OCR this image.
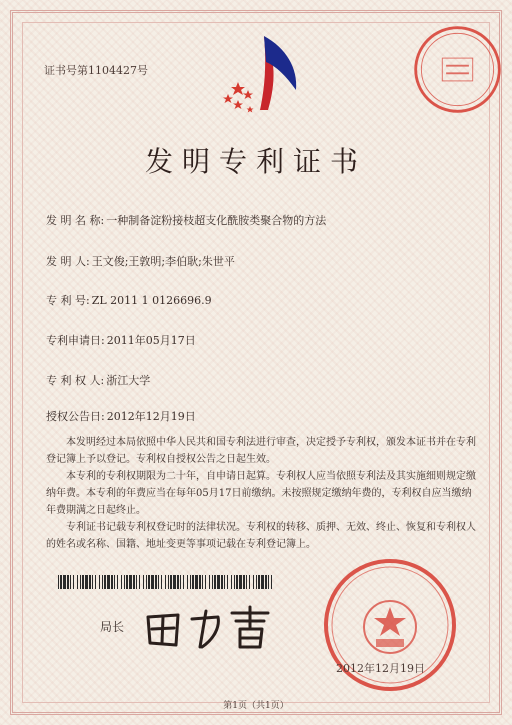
证书号第1104427号
发明专利证书
发 明 名 称: 一种制备淀粉接枝超支化酰胺类聚合物的方法
发 明 人: 王文俊;王敦明;李伯耿;朱世平
专 利 号: ZL 2011 1 0126696.9
专利申请日: 2011年05月17日
专 利 权 人: 浙江大学
授权公告日: 2012年12月19日

本发明经过本局依照中华人民共和国专利法进行审查，决定授予专利权，颁发本证书并在专利登记簿上予以登记。专利权自授权公告之日起生效。

本专利的专利权期限为二十年，自申请日起算。专利权人应当依照专利法及其实施细则规定缴纳年费。本专利的年费应当在每年05月17日前缴纳。未按照规定缴纳年费的，专利权自应当缴纳年费期满之日起终止。

专利证书记载专利权登记时的法律状况。专利权的转移、质押、无效、终止、恢复和专利权人的姓名或名称、国籍、地址变更等事项记载在专利登记簿上。

局长
2012年12月19日
第1页（共1页）
